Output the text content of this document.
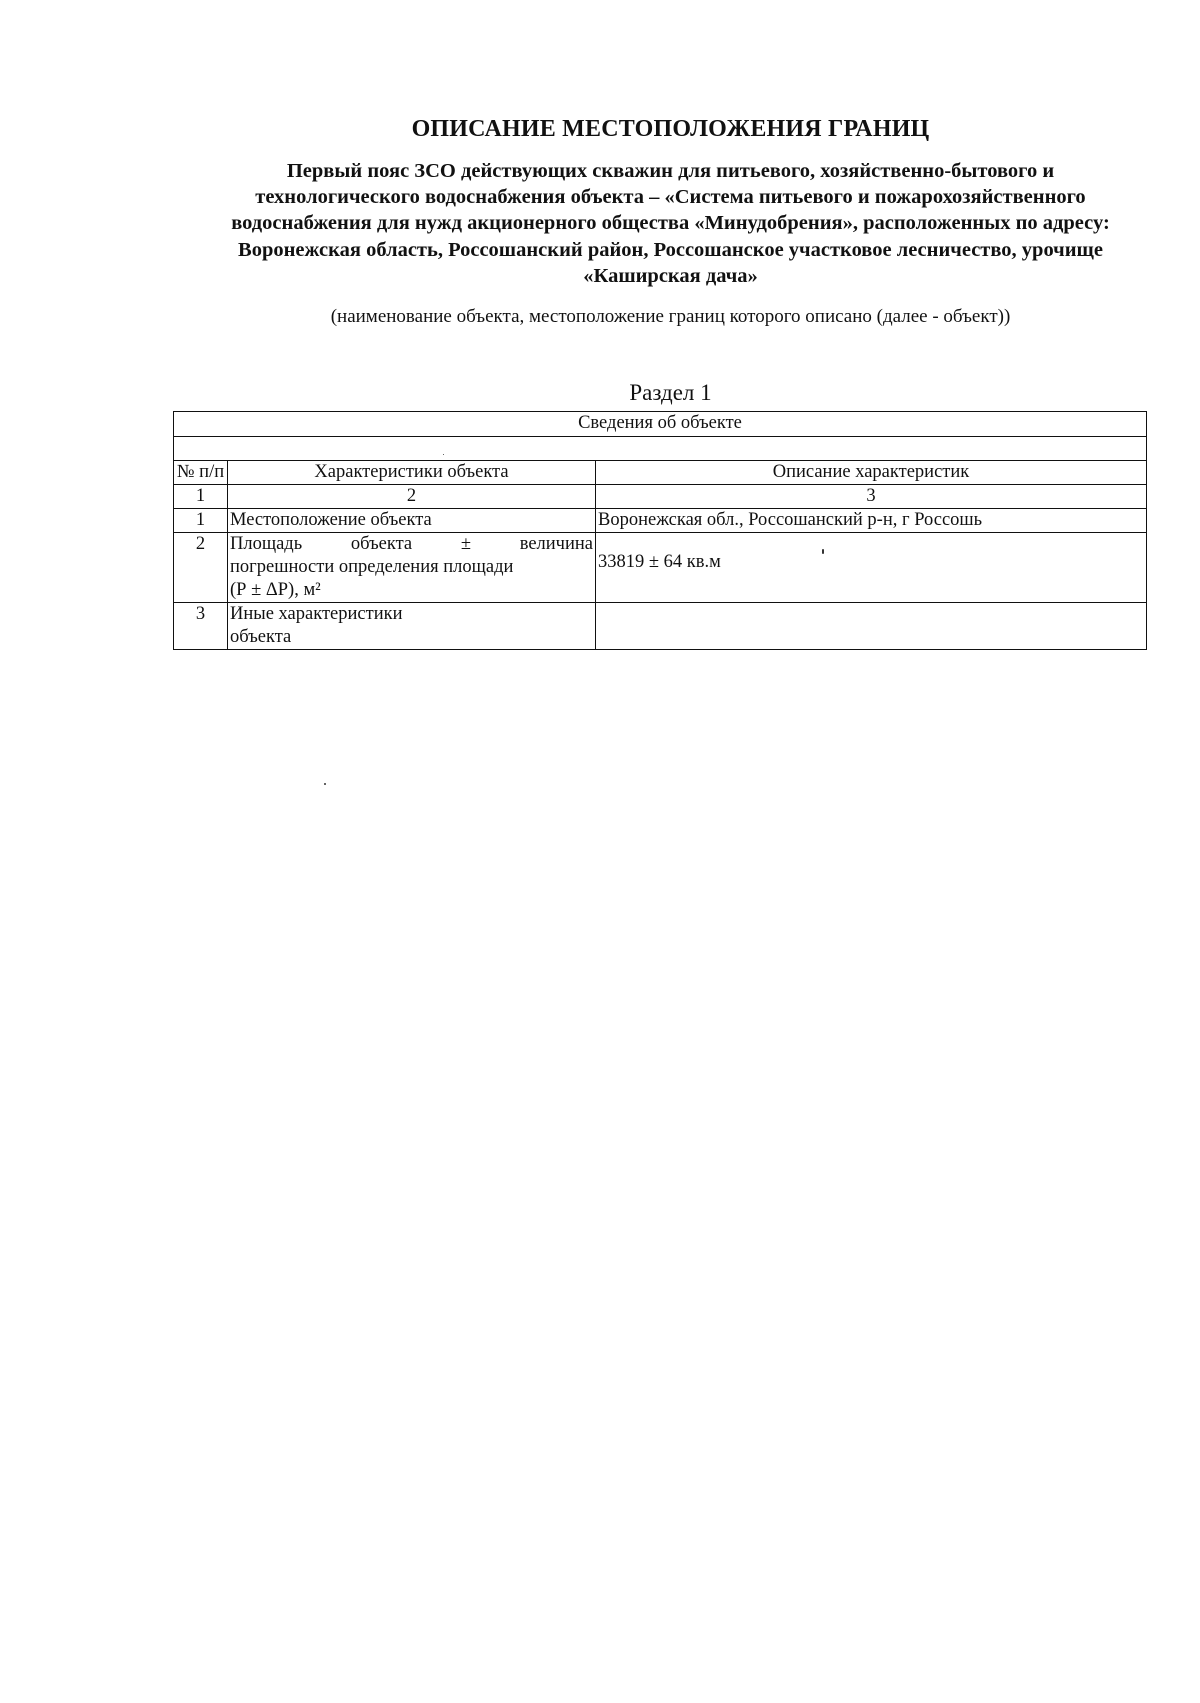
ОПИСАНИЕ МЕСТОПОЛОЖЕНИЯ ГРАНИЦ
Первый пояс ЗСО действующих скважин для питьевого, хозяйственно-бытового и
технологического водоснабжения объекта – «Система питьевого и пожарохозяйственного
водоснабжения для нужд акционерного общества «Минудобрения», расположенных по адресу:
Воронежская область, Россошанский район, Россошанское участковое лесничество, урочище
«Каширская дача»
(наименование объекта, местоположение границ которого описано (далее - объект))
Раздел 1
Сведения об объекте		

№ п/п	Характеристики объекта	Описание характеристик
1	2	3
1	Местоположение объекта	Воронежская обл., Россошанский р-н, г Россошь
2	Площадь объекта ± величина
погрешности определения площади
(Р ± ΔР), м²	33819 ± 64 кв.м
3	Иные характеристики
объекта	
